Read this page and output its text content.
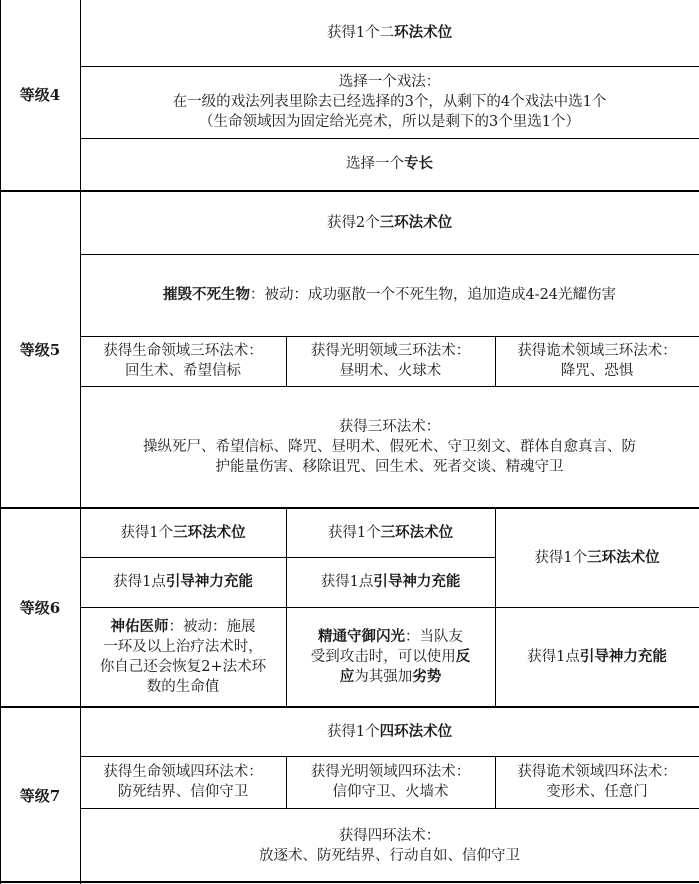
等级4
获得1个二环法术位
选择一个戏法：
在一级的戏法列表里除去已经选择的3个，从剩下的4个戏法中选1个
（生命领域因为固定给光亮术，所以是剩下的3个里选1个）
选择一个专长
等级5
获得2个三环法术位
摧毁不死生物：被动：成功驱散一个不死生物，追加造成4-24光耀伤害
获得生命领域三环法术：
回生术、希望信标
获得光明领域三环法术：
昼明术、火球术
获得诡术领域三环法术：
降咒、恐惧
获得三环法术：
操纵死尸、希望信标、降咒、昼明术、假死术、守卫刻文、群体自愈真言、防
护能量伤害、移除诅咒、回生术、死者交谈、精魂守卫
等级6
获得1个三环法术位
获得1点引导神力充能
神佑医师：被动：施展
一环及以上治疗法术时，
你自己还会恢复2+法术环
数的生命值
获得1个三环法术位
获得1点引导神力充能
精通守御闪光：当队友
受到攻击时，可以使用反
应为其强加劣势
获得1个三环法术位
获得1点引导神力充能
等级7
获得1个四环法术位
获得生命领域四环法术：
防死结界、信仰守卫
获得光明领域四环法术：
信仰守卫、火墙术
获得诡术领域四环法术：
变形术、任意门
获得四环法术：
放逐术、防死结界、行动自如、信仰守卫
